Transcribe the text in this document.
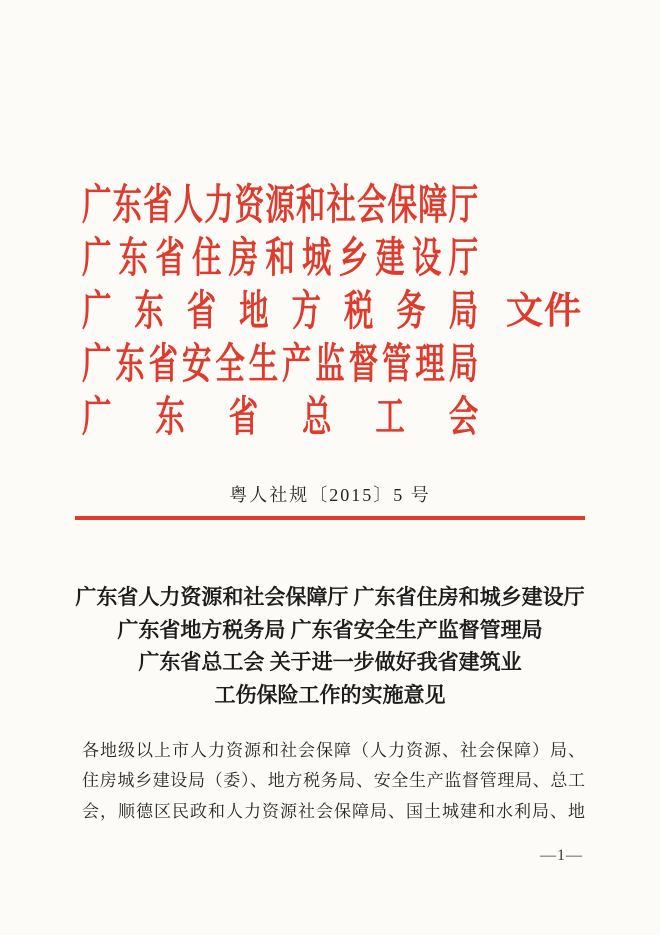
广 东 省 人 力 资 源 和 社 会 保 障 厅
广 东 省 住 房 和 城 乡 建 设 厅
广 东 省 地 方 税 务 局
广 东 省 安 全 生 产 监 督 管 理 局
广 东 省 总 工 会
文件
粤人社规〔2015〕5 号
广东省人力资源和社会保障厅 广东省住房和城乡建设厅
广东省地方税务局 广东省安全生产监督管理局
广东省总工会 关于进一步做好我省建筑业
工伤保险工作的实施意见
各地级以上市人力资源和社会保障（人力资源、社会保障）局、
住房城乡建设局（委）、地方税务局、安全生产监督管理局、总工
会，顺德区民政和人力资源社会保障局、国土城建和水利局、地
—1—
